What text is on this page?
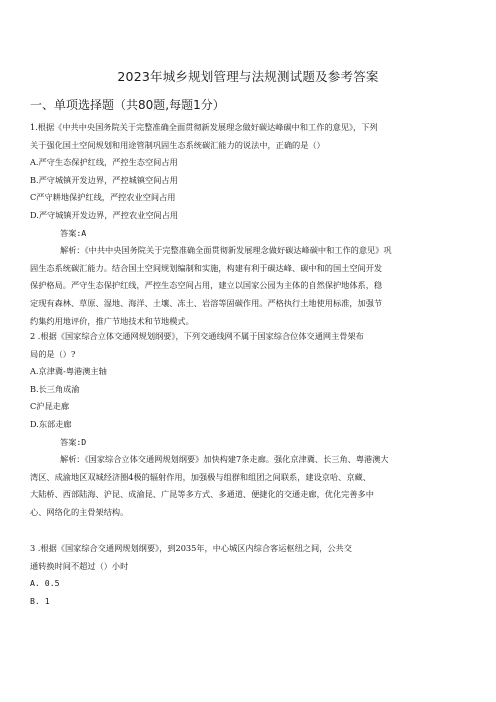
2023年城乡规划管理与法规测试题及参考答案
一、单项选择题（共80题,每题1分）

1.根据《中共中央国务院关于完整准确全面贯彻新发展理念做好碳达峰碳中和工作的意见》，下列

关于强化国土空间规划和用途管制巩固生态系统碳汇能力的说法中，正确的是（）

A.严守生态保护红线，严控生态空间占用

B.严守城镇开发边界，严控城镇空间占用

C严守耕地保护红线，严控农业空间占用

D.严守城镇开发边界，严控农业空间占用

答案:A

解析：《中共中央国务院关于完整准确全面贯彻新发展理念做好碳达峰碳中和工作的意见》巩

固生态系统碳汇能力。结合国土空间规划编制和实施，构建有利于碳达峰、碳中和的国土空间开发

保护格局。严守生态保护红线，严控生态空间占用，建立以国家公园为主体的自然保护地体系，稳

定现有森林、草原、湿地、海洋、土壤、冻土、岩溶等固碳作用。严格执行土地使用标准，加强节

约集约用地评价，推广节地技术和节地模式。

2 .根据《国家综合立体交通网规划纲要》，下列交通线网不属于国家综合位体交通网主骨架布

局的是（）?

A.京津冀-粤港澳主轴

B.长三角成渝

C沪昆走廊

D.东部走廊

答案:D

解析：《国家综合立体交通网规划纲要》加快构建7条走廊。强化京津冀、长三角、粤港澳大

湾区、成渝地区双城经济圈4极的辐射作用，加强极与组群和组团之间联系，建设京哈、京藏、

大陆桥、西部陆海、沪昆、成渝昆、广昆等多方式、多通道、便捷化的交通走廊，优化完善多中

心、网络化的主骨架结构。

3 .根据《国家综合交通网规划纲要》，到2035年，中心城区内综合客运枢纽之间，公共交

通转换时间不超过（）小时

A. 0.5

B. 1
